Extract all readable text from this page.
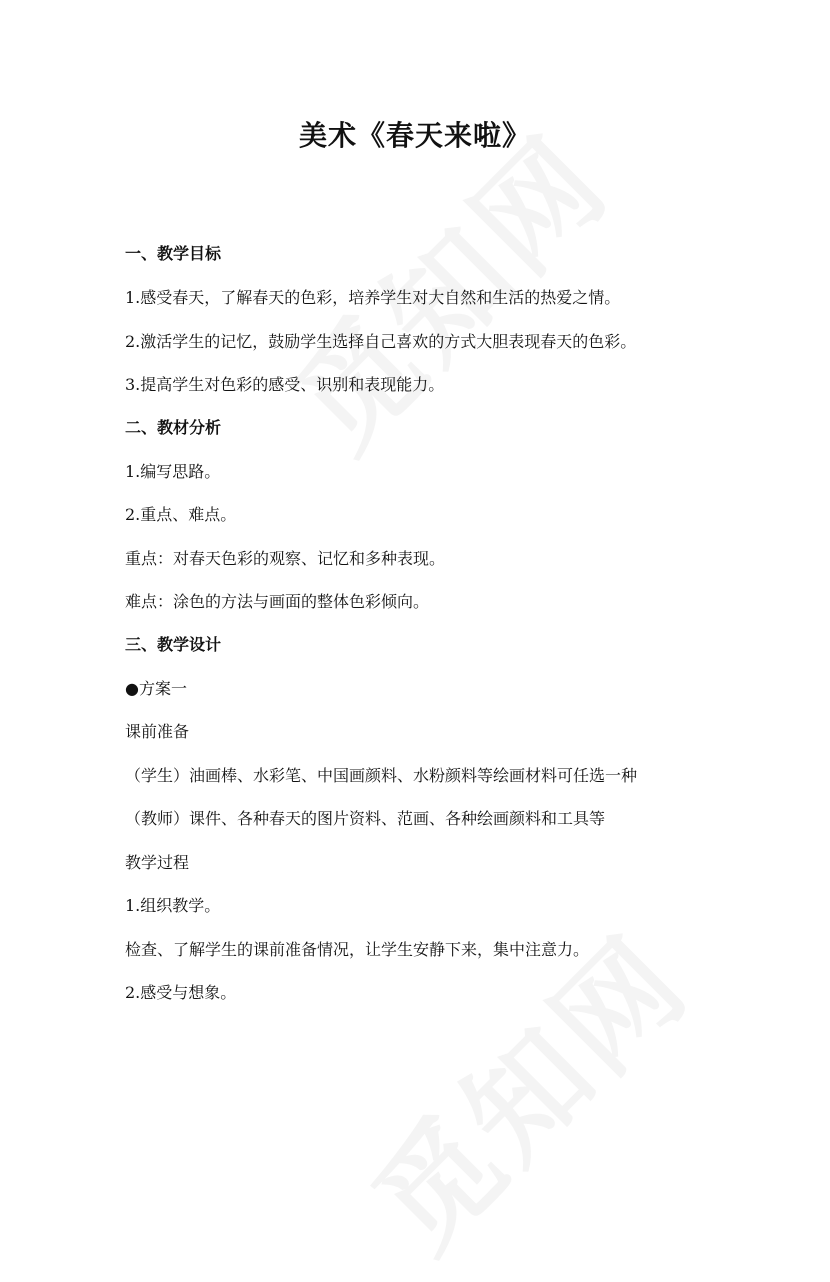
美术《春天来啦》
一、教学目标
1.感受春天，了解春天的色彩，培养学生对大自然和生活的热爱之情。
2.激活学生的记忆，鼓励学生选择自己喜欢的方式大胆表现春天的色彩。
3.提高学生对色彩的感受、识别和表现能力。
二、教材分析
1.编写思路。
2.重点、难点。
重点：对春天色彩的观察、记忆和多种表现。
难点：涂色的方法与画面的整体色彩倾向。
三、教学设计
●方案一
课前准备
（学生）油画棒、水彩笔、中国画颜料、水粉颜料等绘画材料可任选一种
（教师）课件、各种春天的图片资料、范画、各种绘画颜料和工具等
教学过程
1.组织教学。
检查、了解学生的课前准备情况，让学生安静下来，集中注意力。
2.感受与想象。
